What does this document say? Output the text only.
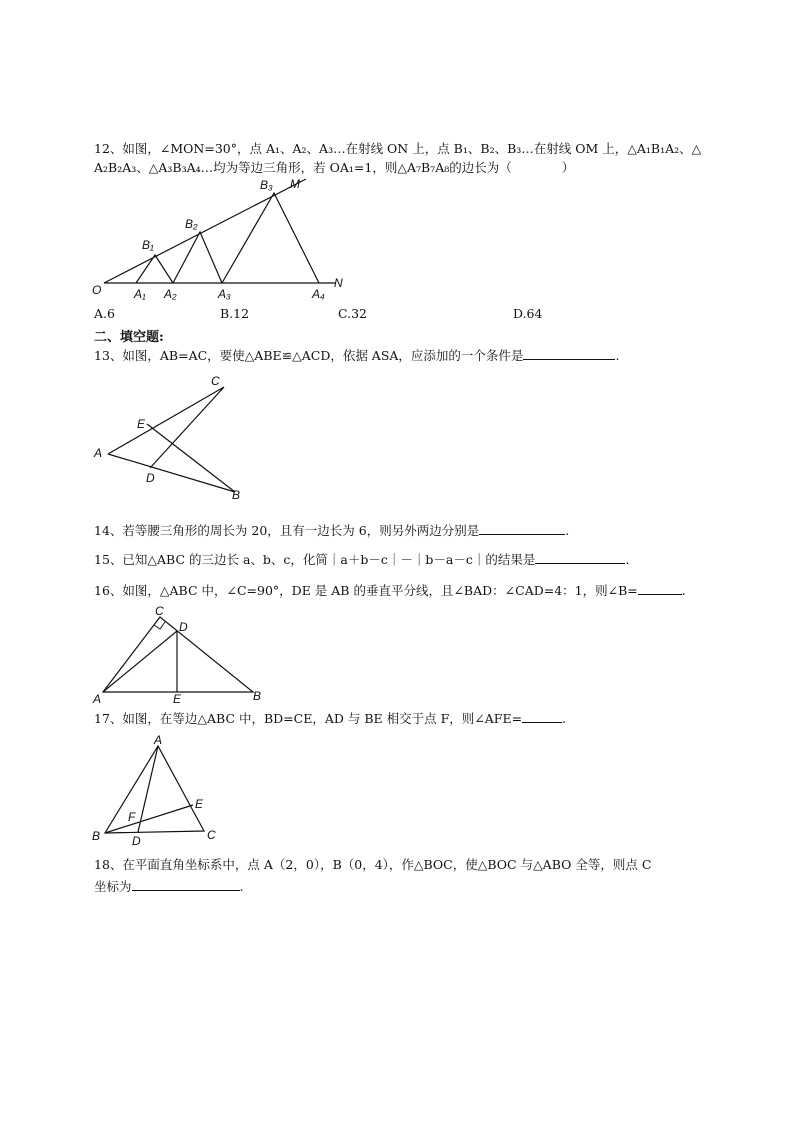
12、如图，∠MON=30°，点 A₁、A₂、A₃…在射线 ON 上，点 B₁、B₂、B₃…在射线 OM 上，△A₁B₁A₂、△
A₂B₂A₃、△A₃B₃A₄…均为等边三角形，若 OA₁=1，则△A₇B₇A₈的边长为（　　　　）
O	A₁ A₂	A₃	A₄
B₁
B₂
B₃ M
N
A.6	B.12	C.32	D.64
二、填空题:
13、如图，AB=AC，要使△ABE≌△ACD，依据 ASA，应添加的一个条件是	.
C
E
A
D
B
14、若等腰三角形的周长为 20，且有一边长为 6，则另外两边分别是	.
15、已知△ABC 的三边长 a、b、c，化简｜a＋b－c｜－｜b－a－c｜的结果是	.
16、如图，△ABC 中，∠C=90°，DE 是 AB 的垂直平分线，且∠BAD：∠CAD=4：1，则∠B=	.
C
D
A	E	B
17、如图，在等边△ABC 中，BD=CE，AD 与 BE 相交于点 F，则∠AFE=	.
A
E
F
B	D	C
18、在平面直角坐标系中，点 A（2，0），B（0，4），作△BOC，使△BOC 与△ABO 全等，则点 C
坐标为	.
